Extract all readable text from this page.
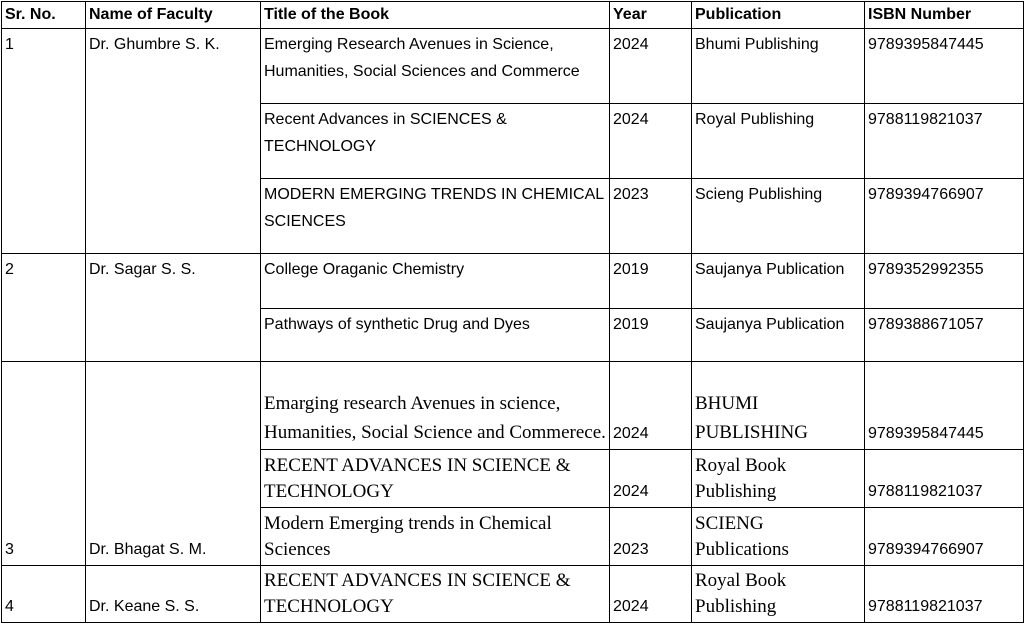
Sr. No.	Name of Faculty	Title of the Book	Year	Publication	ISBN Number
1	Dr. Ghumbre S. K.	Emerging Research Avenues in Science, Humanities, Social Sciences and Commerce	2024	Bhumi Publishing	9789395847445
		Recent Advances in SCIENCES & TECHNOLOGY	2024	Royal Publishing	9788119821037
		MODERN EMERGING TRENDS IN CHEMICAL SCIENCES	2023	Scieng Publishing	9789394766907
2	Dr. Sagar S. S.	College Oraganic Chemistry	2019	Saujanya Publication	9789352992355
		Pathways of synthetic Drug and Dyes	2019	Saujanya Publication	9789388671057
3	Dr. Bhagat S. M.	Emarging research Avenues in science, Humanities, Social Science and Commerece.	2024	BHUMI PUBLISHING	9789395847445
		RECENT ADVANCES IN SCIENCE & TECHNOLOGY	2024	Royal Book Publishing	9788119821037
		Modern Emerging trends in Chemical Sciences	2023	SCIENG Publications	9789394766907
4	Dr. Keane S. S.	RECENT ADVANCES IN SCIENCE & TECHNOLOGY	2024	Royal Book Publishing	9788119821037
